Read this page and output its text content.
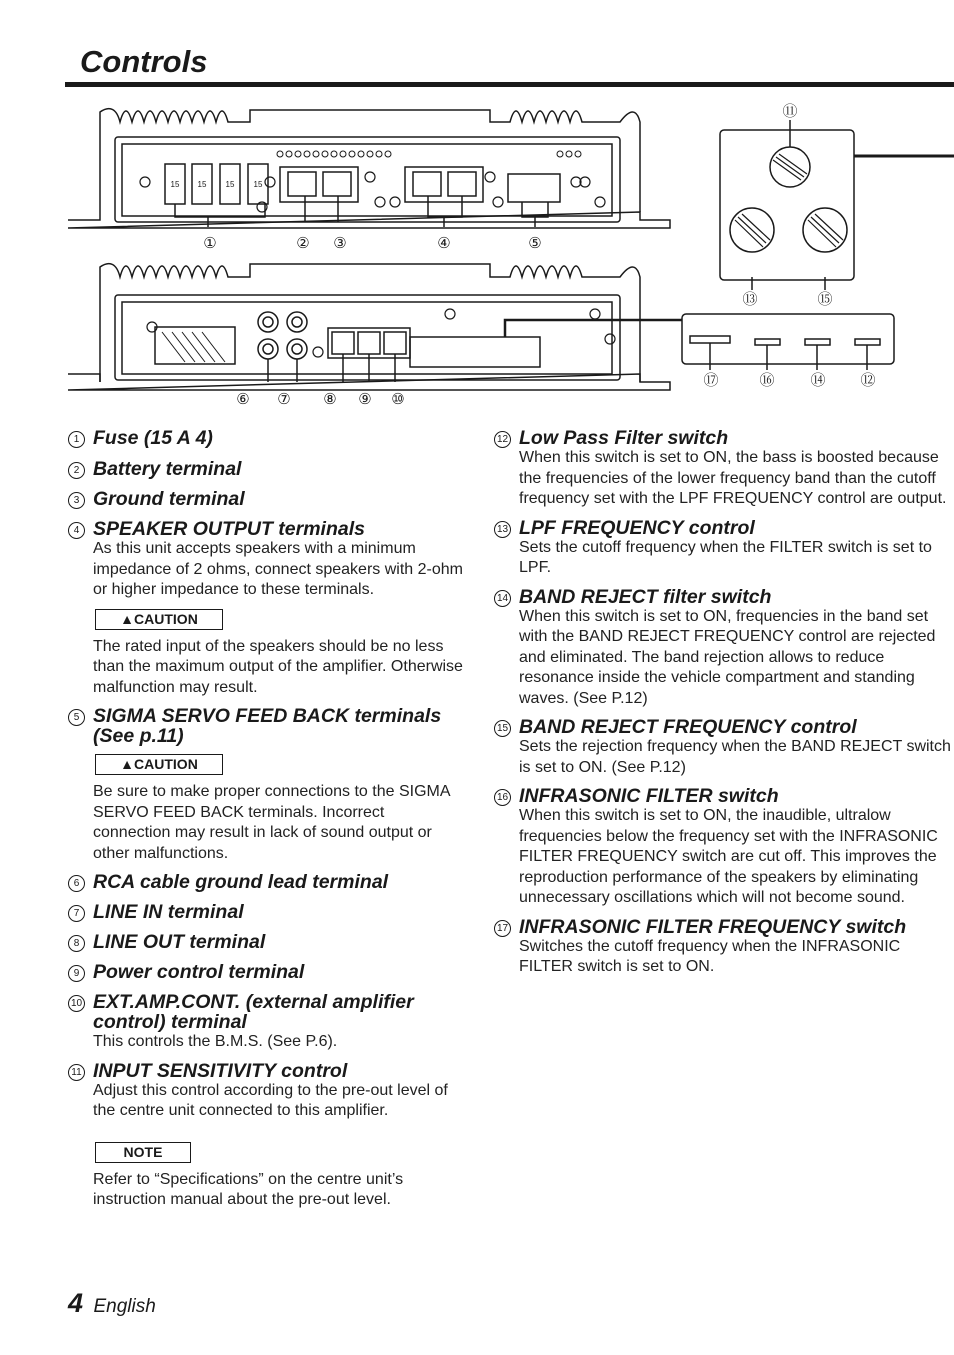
Controls
①	② ③	④	⑤
⑥ ⑦ ⑧ ⑨ ⑩
⑪
⑫
⑬
⑭
⑮
⑯
⑰
15 15 15 15
1 Fuse (15 A 4)
2 Battery terminal
3 Ground terminal
4 SPEAKER OUTPUT terminals
As this unit accepts speakers with a minimum impedance of 2 ohms, connect speakers with 2-ohm or higher impedance to these terminals.
▲CAUTION
The rated input of the speakers should be no less than the maximum output of the amplifier. Otherwise malfunction may result.
5 SIGMA SERVO FEED BACK terminals (See p.11)
▲CAUTION
Be sure to make proper connections to the SIGMA SERVO FEED BACK terminals. Incorrect connection may result in lack of sound output or other malfunctions.
6 RCA cable ground lead terminal
7 LINE IN terminal
8 LINE OUT terminal
9 Power control terminal
10 EXT.AMP.CONT. (external amplifier control) terminal
This controls the B.M.S. (See P.6).
11 INPUT SENSITIVITY control
Adjust this control according to the pre-out level of the centre unit connected to this amplifier.
NOTE
Refer to “Specifications” on the centre unit’s instruction manual about the pre-out level.
12 Low Pass Filter switch
When this switch is set to ON, the bass is boosted because the frequencies of the lower frequency band than the cutoff frequency set with the LPF FREQUENCY control are output.
13 LPF FREQUENCY control
Sets the cutoff frequency when the FILTER switch is set to LPF.
14 BAND REJECT filter switch
When this switch is set to ON, frequencies in the band set with the BAND REJECT FREQUENCY control are rejected and eliminated. The band rejection allows to reduce resonance inside the vehicle compartment and standing waves. (See P.12)
15 BAND REJECT FREQUENCY control
Sets the rejection frequency when the BAND REJECT switch is set to ON. (See P.12)
16 INFRASONIC FILTER switch
When this switch is set to ON, the inaudible, ultralow frequencies below the frequency set with the INFRASONIC FILTER FREQUENCY switch are cut off. This improves the reproduction performance of the speakers by eliminating unnecessary oscillations which will not become sound.
17 INFRASONIC FILTER FREQUENCY switch
Switches the cutoff frequency when the INFRASONIC FILTER switch is set to ON.
4 English
